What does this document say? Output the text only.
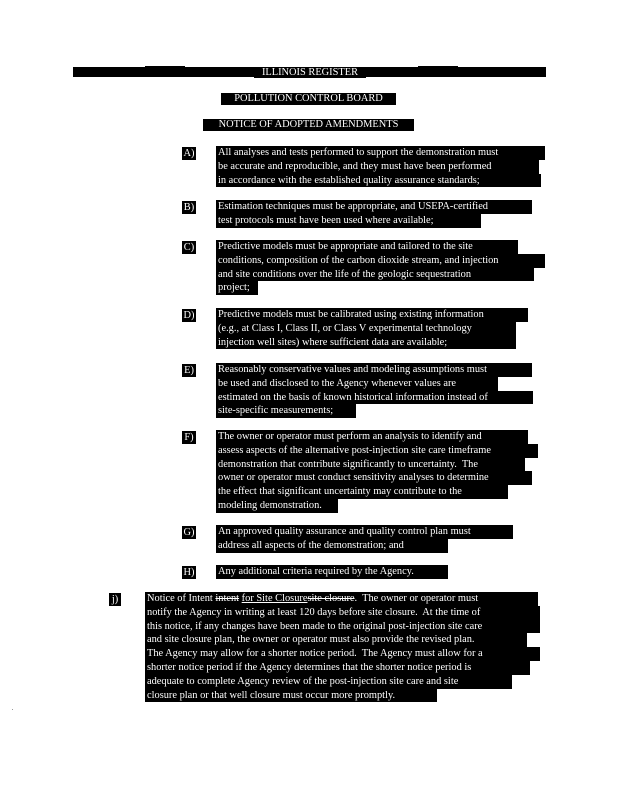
ILLINOIS REGISTER
POLLUTION CONTROL BOARD
NOTICE OF ADOPTED AMENDMENTS
A) All analyses and tests performed to support the demonstration must
be accurate and reproducible, and they must have been performed
in accordance with the established quality assurance standards;
B) Estimation techniques must be appropriate, and USEPA-certified
test protocols must have been used where available;
C) Predictive models must be appropriate and tailored to the site
conditions, composition of the carbon dioxide stream, and injection
and site conditions over the life of the geologic sequestration
project;
D) Predictive models must be calibrated using existing information
(e.g., at Class I, Class II, or Class V experimental technology
injection well sites) where sufficient data are available;
E) Reasonably conservative values and modeling assumptions must
be used and disclosed to the Agency whenever values are
estimated on the basis of known historical information instead of
site-specific measurements;
F) The owner or operator must perform an analysis to identify and
assess aspects of the alternative post-injection site care timeframe
demonstration that contribute significantly to uncertainty.  The
owner or operator must conduct sensitivity analyses to determine
the effect that significant uncertainty may contribute to the
modeling demonstration.
G) An approved quality assurance and quality control plan must
address all aspects of the demonstration; and
H) Any additional criteria required by the Agency.
j)	Notice of Intent intent for Site Closuresite closure.  The owner or operator must
notify the Agency in writing at least 120 days before site closure.  At the time of
this notice, if any changes have been made to the original post-injection site care
and site closure plan, the owner or operator must also provide the revised plan.
The Agency may allow for a shorter notice period.  The Agency must allow for a
shorter notice period if the Agency determines that the shorter notice period is
adequate to complete Agency review of the post-injection site care and site
closure plan or that well closure must occur more promptly.
